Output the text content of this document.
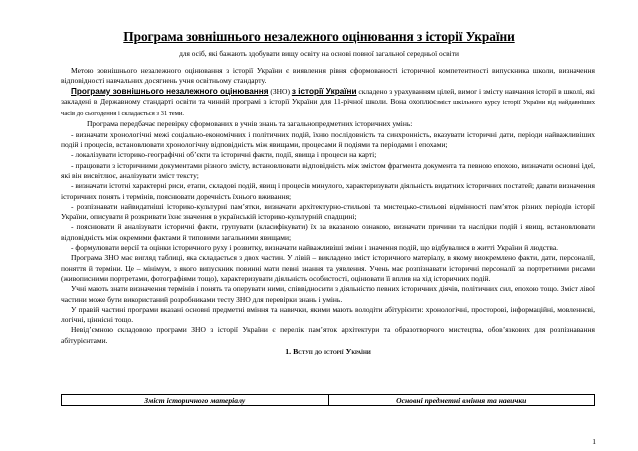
Програма зовнішнього незалежного оцінювання з історії України
для осіб, які бажають здобувати вищу освіту на основі повної загальної середньої освіти

Метою зовнішнього незалежного оцінювання з історії України є виявлення рівня сформованості історичної компетентності випускника школи, визначення відповідності навчальних досягнень учня освітньому стандарту.

Програму зовнішнього незалежного оцінювання (ЗНО) з історії України складено з урахуванням цілей, вимог і змісту навчання історії в школі, які закладені в Державному стандарті освіти та чинній програмі з історії України для 11-річної школи. Вона охоплюєзміст шкільного курсу історії України від найдавніших часів до сьогодення і складається з 31 теми.

Програма передбачає перевірку сформованих в учнів знань та загальнопредметних історичних умінь:

- визначати хронологічні межі соціально-економічних і політичних подій, їхню послідовність та синхронність, вказувати історичні дати, періоди найважливіших подій і процесів, встановлювати хронологічну відповідність між явищами, процесами й подіями та періодами і епохами;

- локалізувати історико-географічні об’єкти та історичні факти, події, явища і процеси на карті;

- працювати з історичними документами різного змісту, встановлювати відповідність між змістом фрагмента документа та певною епохою, визначати основні ідеї, які він висвітлює, аналізувати зміст тексту;

- визначати істотні характерні риси, етапи, складові подій, явищ і процесів минулого, характеризувати діяльність видатних історичних постатей; давати визначення історичних понять і термінів, пояснювати доречність їхнього вживання;

- розпізнавати найвидатніші історико-культурні пам’ятки, визначати архітектурно-стильові та мистецько-стильові відмінності пам’яток різних періодів історії України, описувати й розкривати їхнє значення в українській історико-культурній спадщині;

- пояснювати й аналізувати історичні факти, групувати (класифікувати) їх за вказаною ознакою, визначати причини та наслідки подій і явищ, встановлювати відповідність між окремими фактами й типовими загальними явищами;

- формулювати версії та оцінки історичного руху і розвитку, визначати найважливіші зміни і значення подій, що відбувалися в житті України й людства.

Програма ЗНО має вигляд таблиці, яка складається з двох частин. У лівій – викладено зміст історичного матеріалу, в якому виокремлено факти, дати, персоналії, поняття й терміни. Це – мінімум, з якого випускник повинні мати певні знання та уявлення. Учень має розпізнавати історичні персоналії за портретними рисами (живописними портретами, фотографіями тощо), характеризувати діяльність особистості, оцінювати її вплив на хід історичних подій.

Учні мають знати визначення термінів і понять та оперувати ними, співвідносити з діяльністю певних історичних діячів, політичних сил, епохою тощо. Зміст лівої частини може бути використаний розробниками тесту ЗНО для перевірки знань і умінь.

У правій частині програми вказані основні предметні вміння та навички, якими мають володіти абітурієнти: хронологічні, просторові, інформаційні, мовленнєві, логічні, ціннісні тощо.

Невід’ємною складовою програми ЗНО з історії України є перелік пам’яток архітектури та образотворчого мистецтва, обов’язкових для розпізнавання абітурієнтами.

1. Вступ до історії України
Зміст історичного матеріалу	Основні предметні вміння та навички
1
